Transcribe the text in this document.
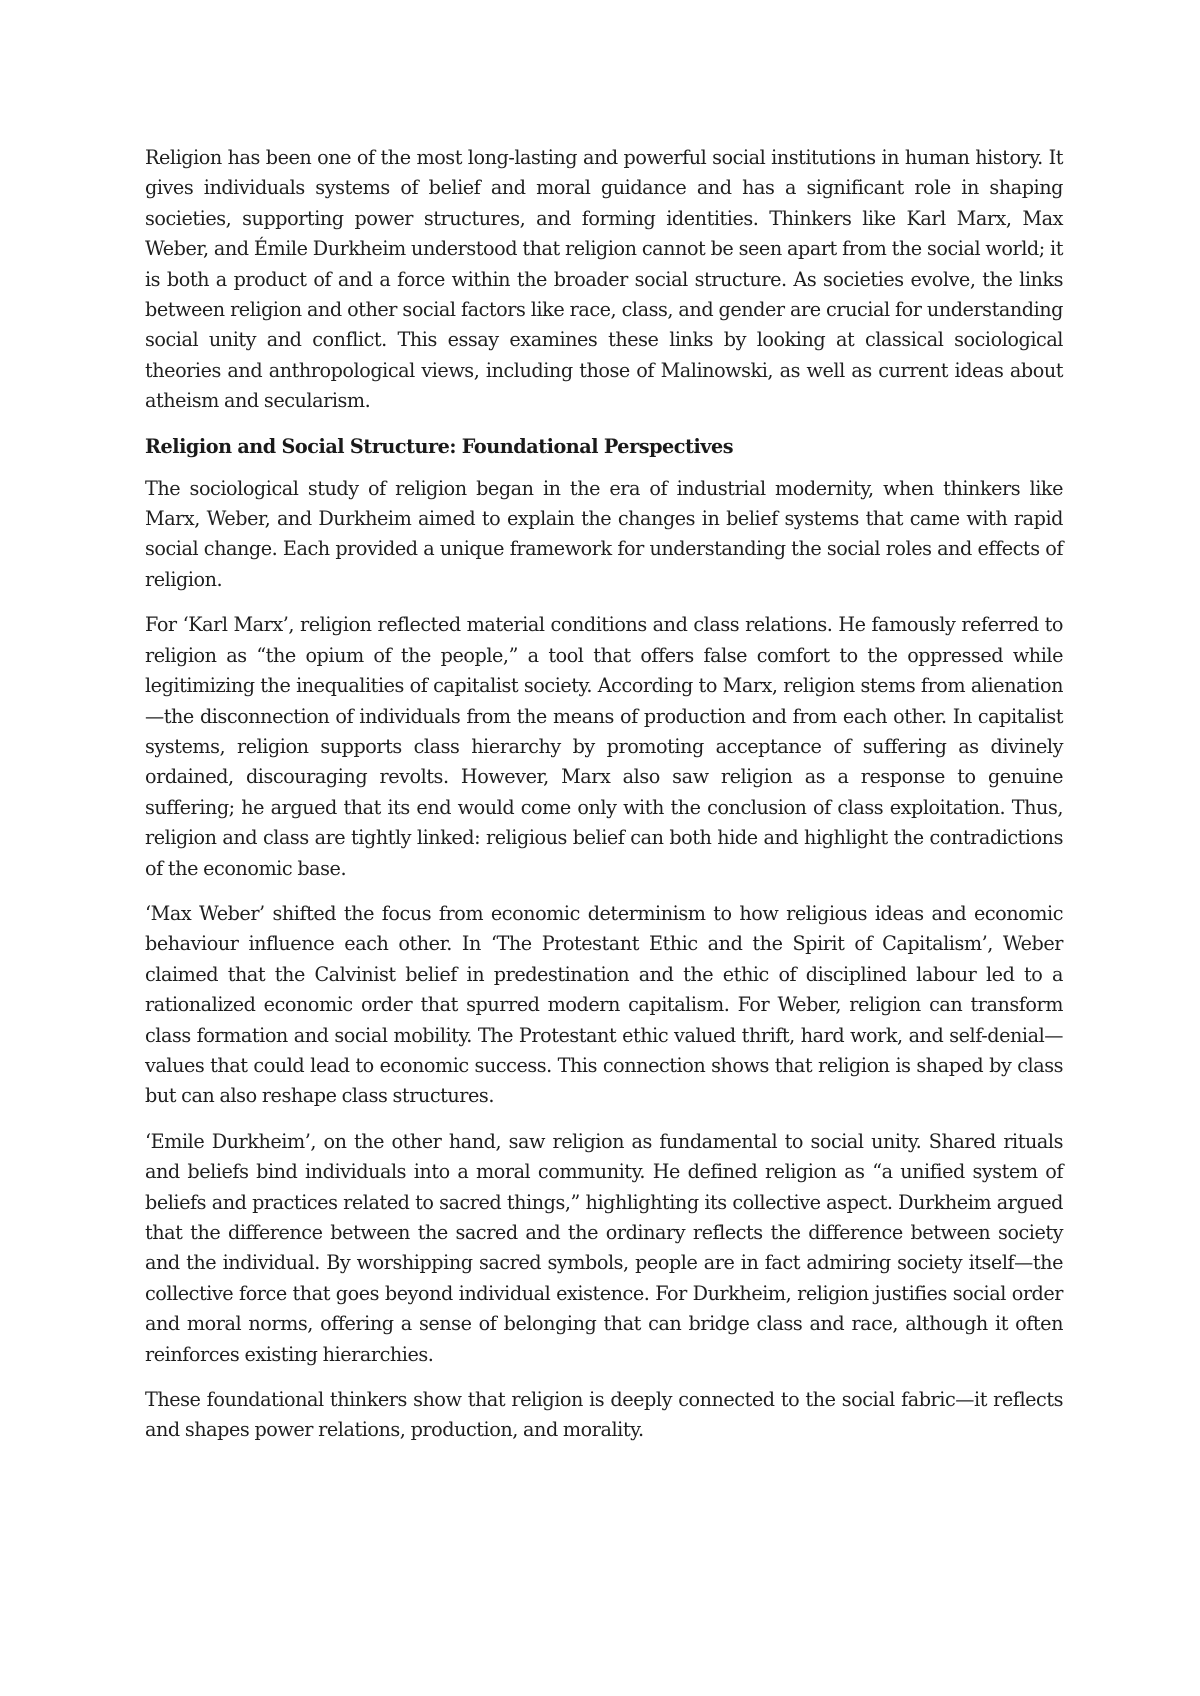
Religion has been one of the most long-lasting and powerful social institutions in human history. It gives individuals systems of belief and moral guidance and has a significant role in shaping societies, supporting power structures, and forming identities. Thinkers like Karl Marx, Max Weber, and Émile Durkheim understood that religion cannot be seen apart from the social world; it is both a product of and a force within the broader social structure. As societies evolve, the links between religion and other social factors like race, class, and gender are crucial for understanding social unity and conflict. This essay examines these links by looking at classical sociological theories and anthropological views, including those of Malinowski, as well as current ideas about atheism and secularism.

Religion and Social Structure: Foundational Perspectives

The sociological study of religion began in the era of industrial modernity, when thinkers like Marx, Weber, and Durkheim aimed to explain the changes in belief systems that came with rapid social change. Each provided a unique framework for understanding the social roles and effects of religion.

For ‘Karl Marx’, religion reflected material conditions and class relations. He famously referred to religion as “the opium of the people,” a tool that offers false comfort to the oppressed while legitimizing the inequalities of capitalist society. According to Marx, religion stems from alienation—the disconnection of individuals from the means of production and from each other. In capitalist systems, religion supports class hierarchy by promoting acceptance of suffering as divinely ordained, discouraging revolts. However, Marx also saw religion as a response to genuine suffering; he argued that its end would come only with the conclusion of class exploitation. Thus, religion and class are tightly linked: religious belief can both hide and highlight the contradictions of the economic base.

‘Max Weber’ shifted the focus from economic determinism to how religious ideas and economic behaviour influence each other. In ‘The Protestant Ethic and the Spirit of Capitalism’, Weber claimed that the Calvinist belief in predestination and the ethic of disciplined labour led to a rationalized economic order that spurred modern capitalism. For Weber, religion can transform class formation and social mobility. The Protestant ethic valued thrift, hard work, and self-denial—values that could lead to economic success. This connection shows that religion is shaped by class but can also reshape class structures.

‘Emile Durkheim’, on the other hand, saw religion as fundamental to social unity. Shared rituals and beliefs bind individuals into a moral community. He defined religion as “a unified system of beliefs and practices related to sacred things,” highlighting its collective aspect. Durkheim argued that the difference between the sacred and the ordinary reflects the difference between society and the individual. By worshipping sacred symbols, people are in fact admiring society itself—the collective force that goes beyond individual existence. For Durkheim, religion justifies social order and moral norms, offering a sense of belonging that can bridge class and race, although it often reinforces existing hierarchies.

These foundational thinkers show that religion is deeply connected to the social fabric—it reflects and shapes power relations, production, and morality.
